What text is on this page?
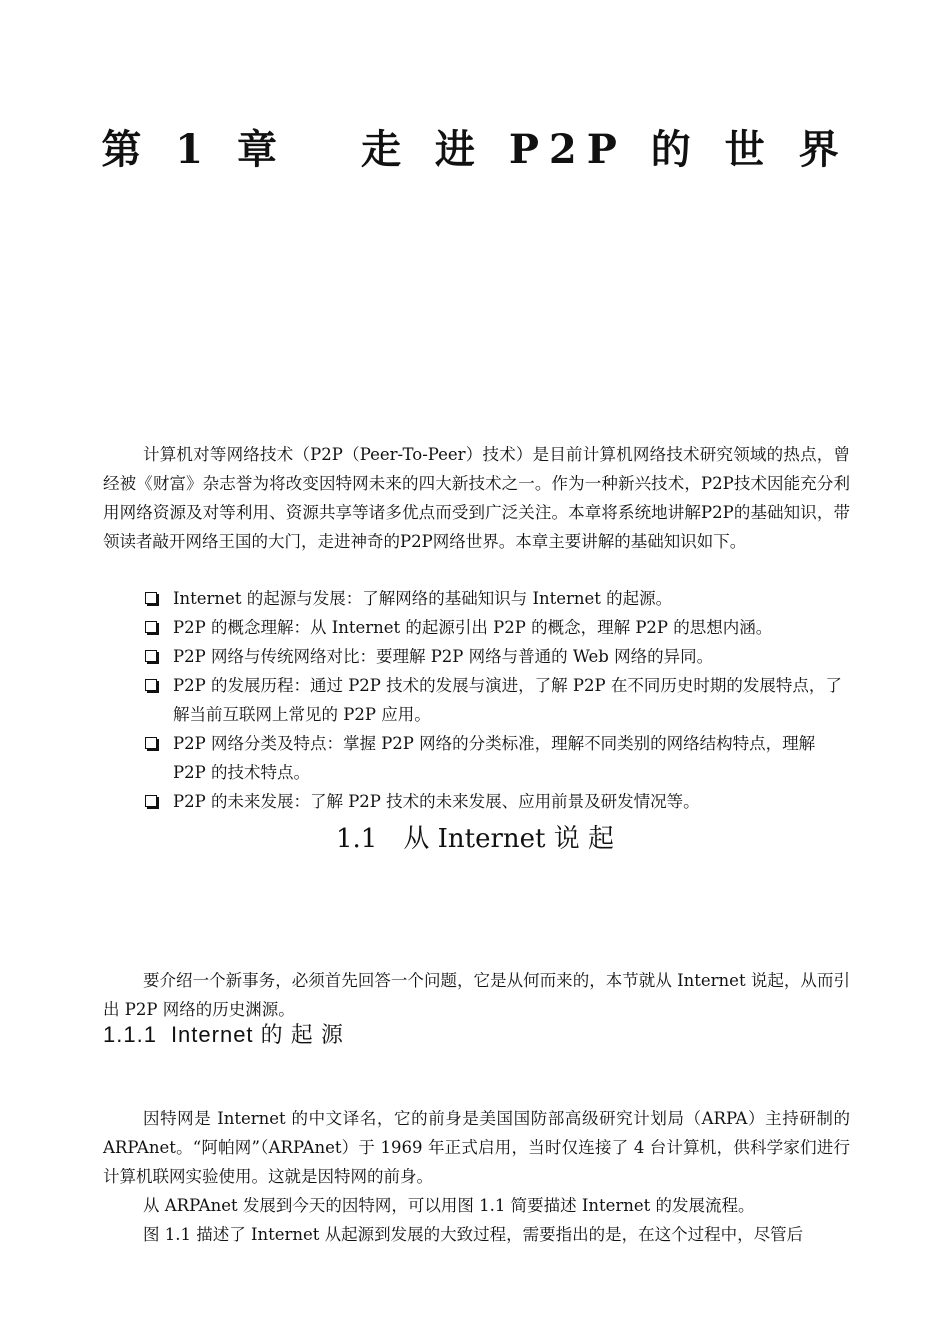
第 1 章　 走 进 P2P 的 世 界

计算机对等网络技术（P2P（Peer-To-Peer）技术）是目前计算机网络技术研究领域的热点，曾经被《财富》杂志誉为将改变因特网未来的四大新技术之一。作为一种新兴技术，P2P技术因能充分利用网络资源及对等利用、资源共享等诸多优点而受到广泛关注。本章将系统地讲解P2P的基础知识，带领读者敲开网络王国的大门，走进神奇的P2P网络世界。本章主要讲解的基础知识如下。

Internet 的起源与发展：了解网络的基础知识与 Internet 的起源。
P2P 的概念理解：从 Internet 的起源引出 P2P 的概念，理解 P2P 的思想内涵。
P2P 网络与传统网络对比：要理解 P2P 网络与普通的 Web 网络的异同。
P2P 的发展历程：通过 P2P 技术的发展与演进，了解 P2P 在不同历史时期的发展特点，了解当前互联网上常见的 P2P 应用。
P2P 网络分类及特点：掌握 P2P 网络的分类标准，理解不同类别的网络结构特点，理解 P2P 的技术特点。
P2P 的未来发展：了解 P2P 技术的未来发展、应用前景及研发情况等。
1.1 从 Internet 说 起

要介绍一个新事务，必须首先回答一个问题，它是从何而来的，本节就从 Internet 说起，从而引出 P2P 网络的历史渊源。

1.1.1 Internet 的 起 源

因特网是 Internet 的中文译名，它的前身是美国国防部高级研究计划局（ARPA）主持研制的 ARPAnet。“阿帕网”（ARPAnet）于 1969 年正式启用，当时仅连接了 4 台计算机，供科学家们进行计算机联网实验使用。这就是因特网的前身。

从 ARPAnet 发展到今天的因特网，可以用图 1.1 简要描述 Internet 的发展流程。

图 1.1 描述了 Internet 从起源到发展的大致过程，需要指出的是，在这个过程中，尽管后
